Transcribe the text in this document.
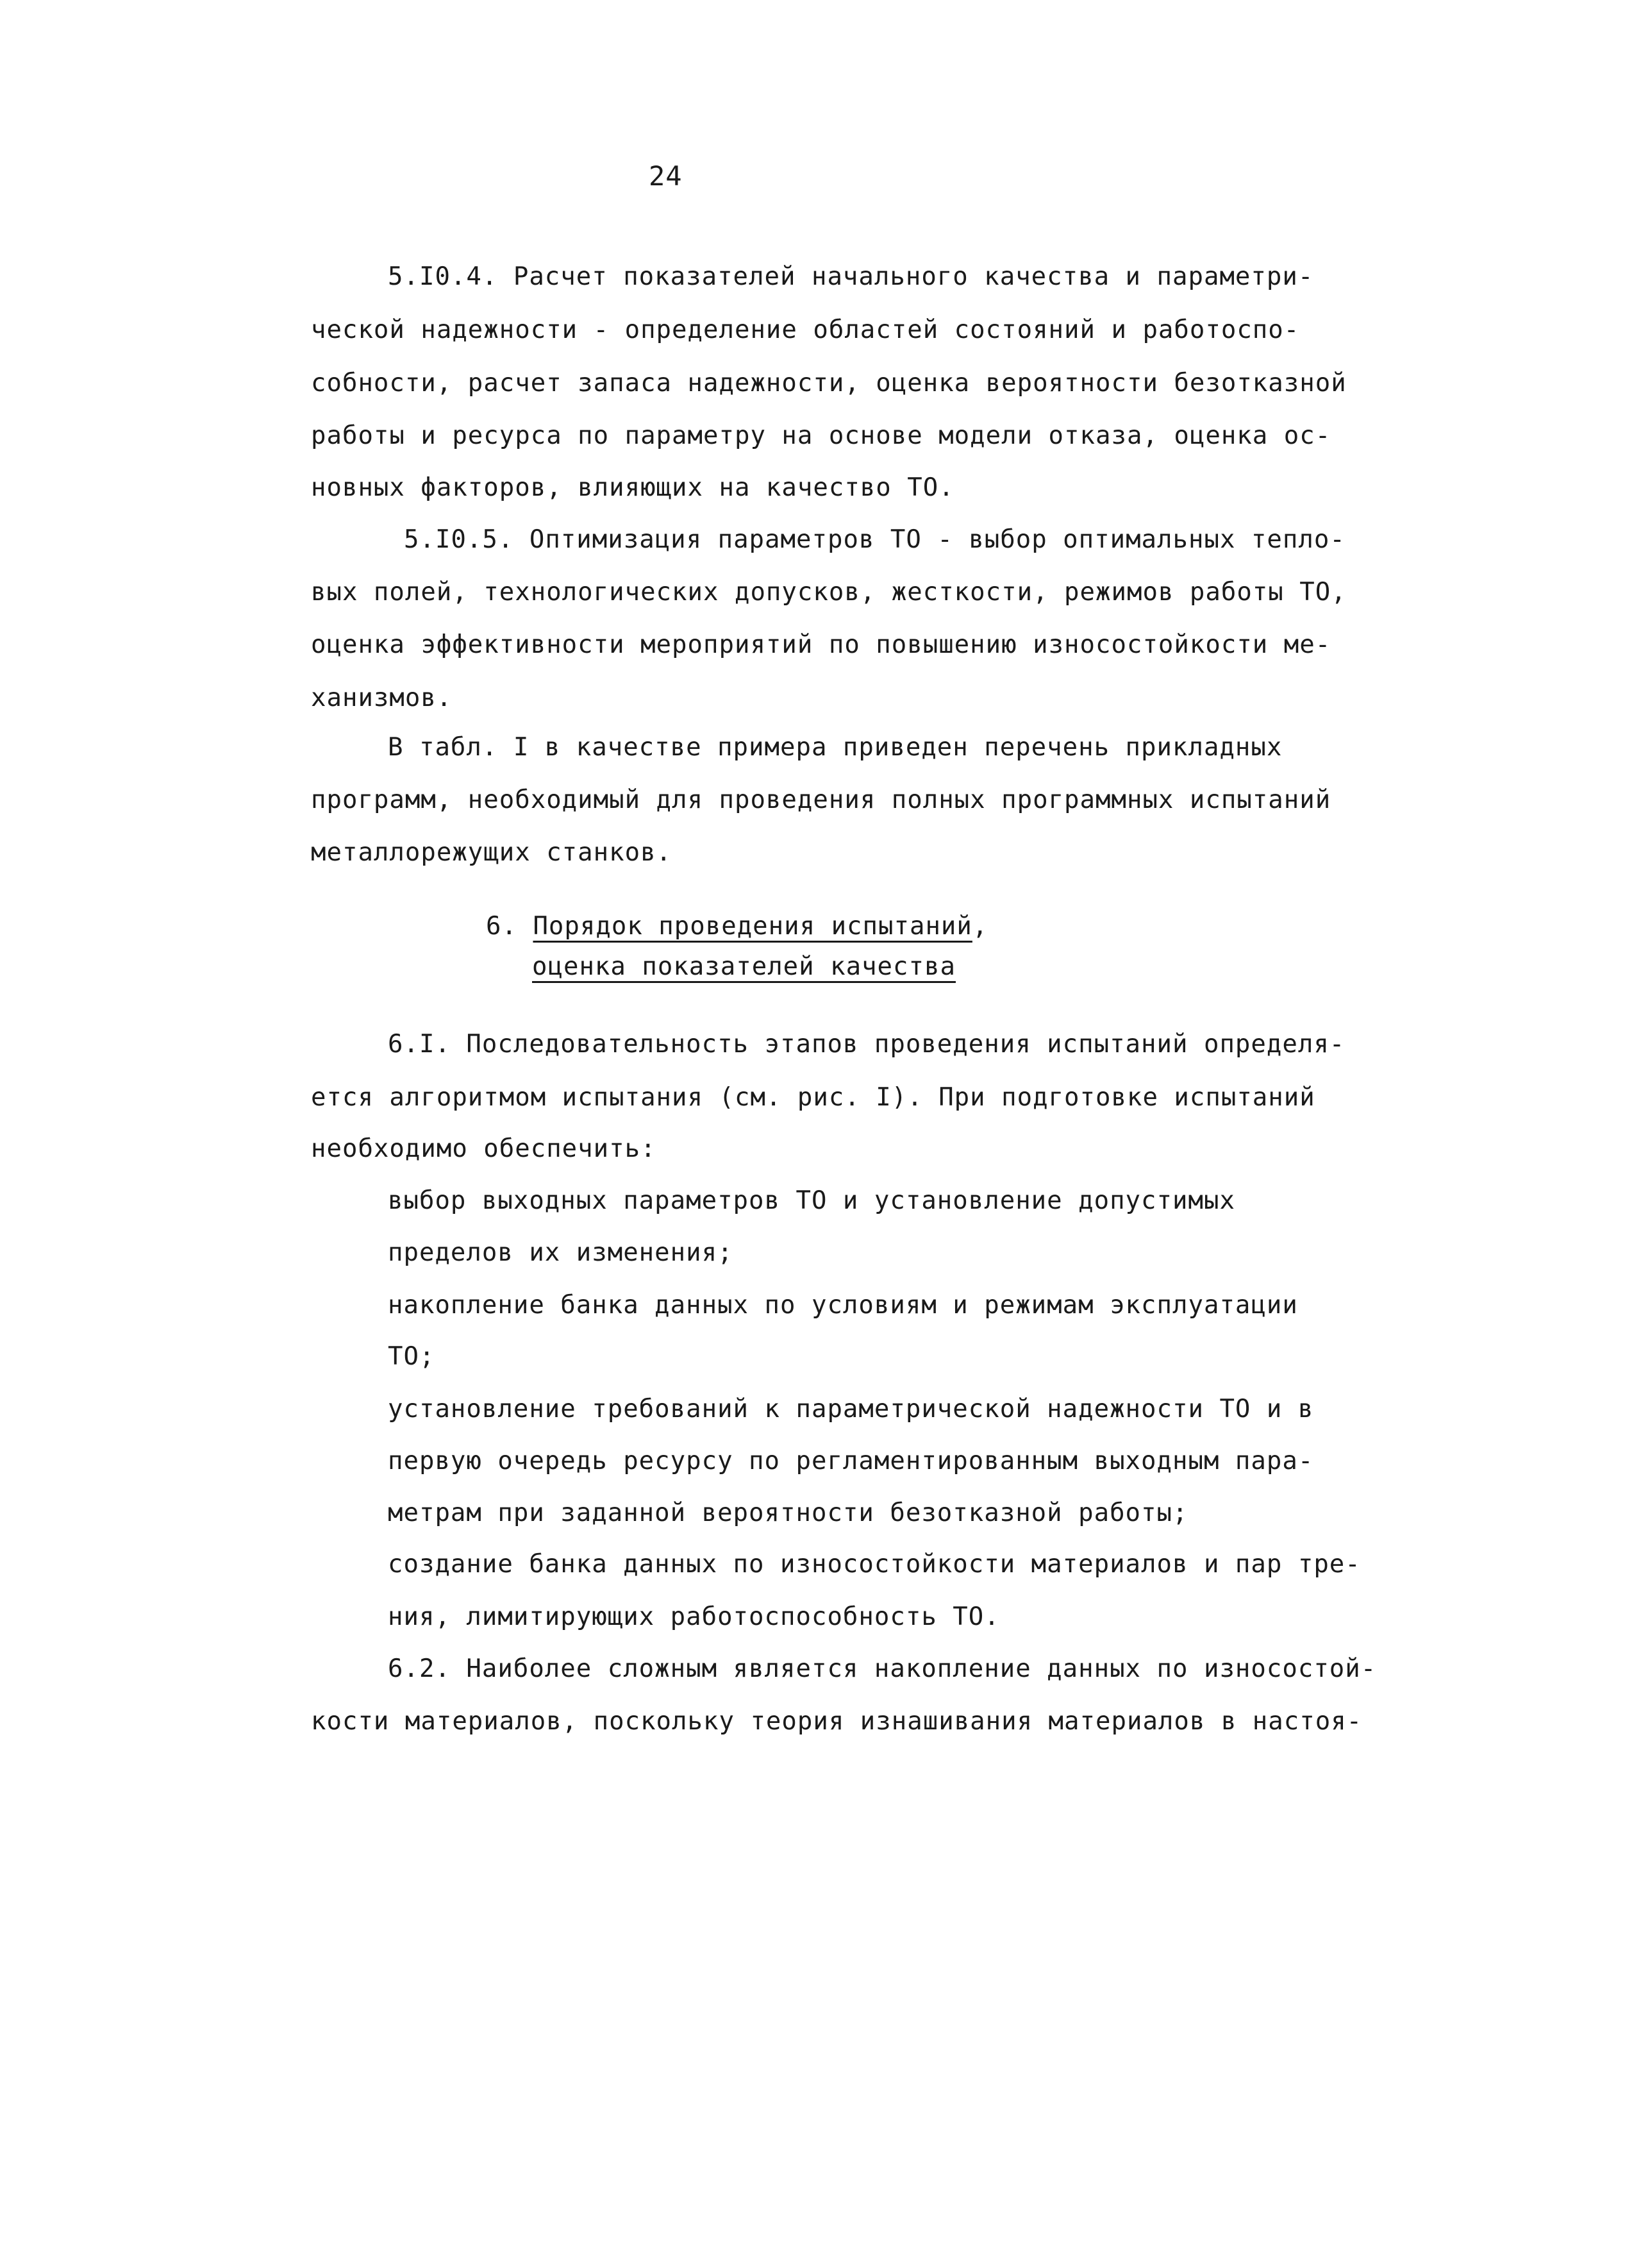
24
5.I0.4. Расчет показателей начального качества и параметри-
ческой надежности - определение областей состояний и работоспо-
собности, расчет запаса надежности, оценка вероятности безотказной
работы и ресурса по параметру на основе модели отказа, оценка ос-
новных факторов, влияющих на качество ТО.
5.I0.5. Оптимизация параметров ТО - выбор оптимальных тепло-
вых полей, технологических допусков, жесткости, режимов работы ТО,
оценка эффективности мероприятий по повышению износостойкости ме-
ханизмов.
В табл. I в качестве примера приведен перечень прикладных
программ, необходимый для проведения полных программных испытаний
металлорежущих станков.
6. Порядок проведения испытаний,
оценка показателей качества
6.I. Последовательность этапов проведения испытаний определя-
ется алгоритмом испытания (см. рис. I). При подготовке испытаний
необходимо обеспечить:
выбор выходных параметров ТО и установление допустимых
пределов их изменения;
накопление банка данных по условиям и режимам эксплуатации
ТО;
установление требований к параметрической надежности ТО и в
первую очередь ресурсу по регламентированным выходным пара-
метрам при заданной вероятности безотказной работы;
создание банка данных по износостойкости материалов и пар тре-
ния, лимитирующих работоспособность ТО.
6.2. Наиболее сложным является накопление данных по износостой-
кости материалов, поскольку теория изнашивания материалов в настоя-
